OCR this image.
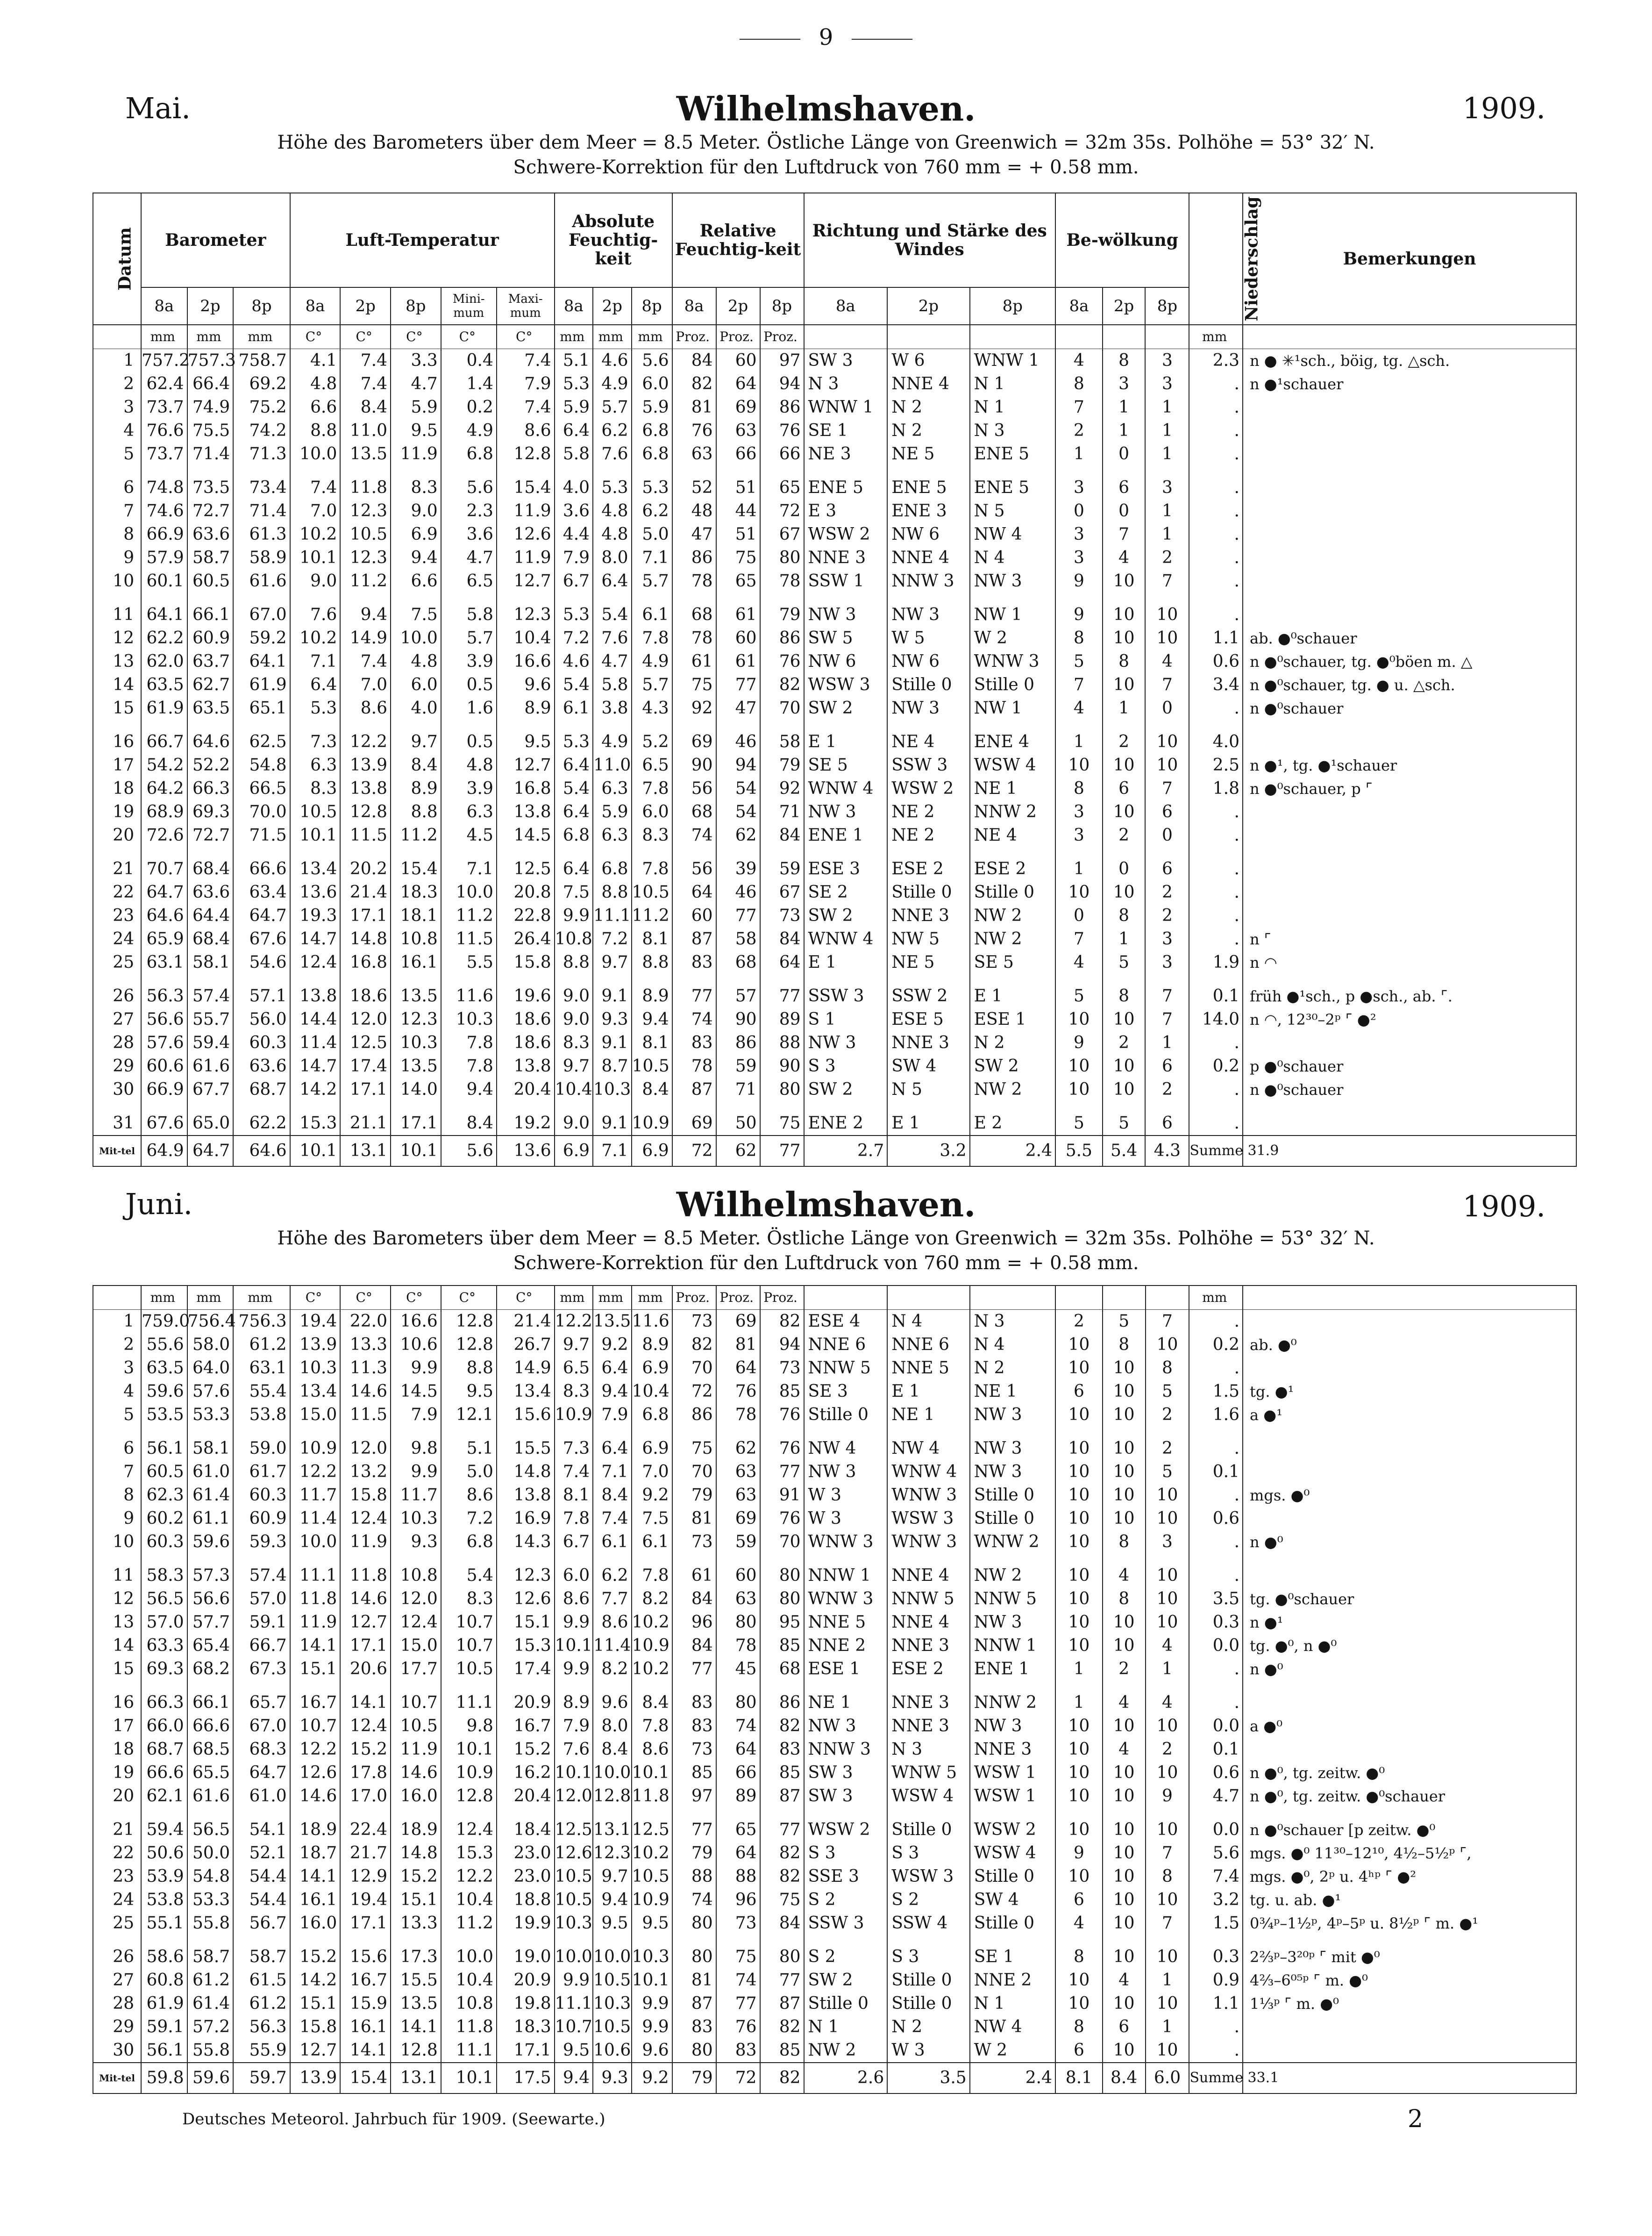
9
Mai.	Wilhelmshaven.	1909.
Höhe des Barometers über dem Meer = 8.5 Meter. Östliche Länge von Greenwich = 32m 35s. Polhöhe = 53° 32′ N.
Schwere-Korrektion für den Luftdruck von 760 mm = + 0.58 mm.
Datum	Barometer			Luft-Temperatur					Absolute Feuchtig-keit			Relative Feuchtig-keit			Richtung und Stärke des Windes			Be-wölkung			Niederschlag	Bemerkungen
	8a	2p	8p	8a	2p	8p	Mini-mum	Maxi-mum	8a	2p	8p	8a	2p	8p	8a	2p	8p	8a	2p	8p		
	mm	mm	mm	C°	C°	C°	C°	C°	mm	mm	mm	Proz.	Proz.	Proz.							mm	
1	757.2	757.3	758.7	4.1	7.4	3.3	0.4	7.4	5.1	4.6	5.6	84	60	97	SW 3	W 6	WNW 1	4	8	3	2.3	n ● ✳¹sch., böig, tg. △sch.
2	62.4	66.4	69.2	4.8	7.4	4.7	1.4	7.9	5.3	4.9	6.0	82	64	94	N 3	NNE 4	N 1	8	3	3	.	n ●¹schauer
3	73.7	74.9	75.2	6.6	8.4	5.9	0.2	7.4	5.9	5.7	5.9	81	69	86	WNW 1	N 2	N 1	7	1	1	.	
4	76.6	75.5	74.2	8.8	11.0	9.5	4.9	8.6	6.4	6.2	6.8	76	63	76	SE 1	N 2	N 3	2	1	1	.	
5	73.7	71.4	71.3	10.0	13.5	11.9	6.8	12.8	5.8	7.6	6.8	63	66	66	NE 3	NE 5	ENE 5	1	0	1	.	

6	74.8	73.5	73.4	7.4	11.8	8.3	5.6	15.4	4.0	5.3	5.3	52	51	65	ENE 5	ENE 5	ENE 5	3	6	3	.	
7	74.6	72.7	71.4	7.0	12.3	9.0	2.3	11.9	3.6	4.8	6.2	48	44	72	E 3	ENE 3	N 5	0	0	1	.	
8	66.9	63.6	61.3	10.2	10.5	6.9	3.6	12.6	4.4	4.8	5.0	47	51	67	WSW 2	NW 6	NW 4	3	7	1	.	
9	57.9	58.7	58.9	10.1	12.3	9.4	4.7	11.9	7.9	8.0	7.1	86	75	80	NNE 3	NNE 4	N 4	3	4	2	.	
10	60.1	60.5	61.6	9.0	11.2	6.6	6.5	12.7	6.7	6.4	5.7	78	65	78	SSW 1	NNW 3	NW 3	9	10	7	.	

11	64.1	66.1	67.0	7.6	9.4	7.5	5.8	12.3	5.3	5.4	6.1	68	61	79	NW 3	NW 3	NW 1	9	10	10	.	
12	62.2	60.9	59.2	10.2	14.9	10.0	5.7	10.4	7.2	7.6	7.8	78	60	86	SW 5	W 5	W 2	8	10	10	1.1	ab. ●⁰schauer
13	62.0	63.7	64.1	7.1	7.4	4.8	3.9	16.6	4.6	4.7	4.9	61	61	76	NW 6	NW 6	WNW 3	5	8	4	0.6	n ●⁰schauer, tg. ●⁰böen m. △
14	63.5	62.7	61.9	6.4	7.0	6.0	0.5	9.6	5.4	5.8	5.7	75	77	82	WSW 3	Stille 0	Stille 0	7	10	7	3.4	n ●⁰schauer, tg. ● u. △sch.
15	61.9	63.5	65.1	5.3	8.6	4.0	1.6	8.9	6.1	3.8	4.3	92	47	70	SW 2	NW 3	NW 1	4	1	0	.	n ●⁰schauer

16	66.7	64.6	62.5	7.3	12.2	9.7	0.5	9.5	5.3	4.9	5.2	69	46	58	E 1	NE 4	ENE 4	1	2	10	4.0	
17	54.2	52.2	54.8	6.3	13.9	8.4	4.8	12.7	6.4	11.0	6.5	90	94	79	SE 5	SSW 3	WSW 4	10	10	10	2.5	n ●¹, tg. ●¹schauer
18	64.2	66.3	66.5	8.3	13.8	8.9	3.9	16.8	5.4	6.3	7.8	56	54	92	WNW 4	WSW 2	NE 1	8	6	7	1.8	n ●⁰schauer, p ⌜
19	68.9	69.3	70.0	10.5	12.8	8.8	6.3	13.8	6.4	5.9	6.0	68	54	71	NW 3	NE 2	NNW 2	3	10	6	.	
20	72.6	72.7	71.5	10.1	11.5	11.2	4.5	14.5	6.8	6.3	8.3	74	62	84	ENE 1	NE 2	NE 4	3	2	0	.	

21	70.7	68.4	66.6	13.4	20.2	15.4	7.1	12.5	6.4	6.8	7.8	56	39	59	ESE 3	ESE 2	ESE 2	1	0	6	.	
22	64.7	63.6	63.4	13.6	21.4	18.3	10.0	20.8	7.5	8.8	10.5	64	46	67	SE 2	Stille 0	Stille 0	10	10	2	.	
23	64.6	64.4	64.7	19.3	17.1	18.1	11.2	22.8	9.9	11.1	11.2	60	77	73	SW 2	NNE 3	NW 2	0	8	2	.	
24	65.9	68.4	67.6	14.7	14.8	10.8	11.5	26.4	10.8	7.2	8.1	87	58	84	WNW 4	NW 5	NW 2	7	1	3	.	n ⌜
25	63.1	58.1	54.6	12.4	16.8	16.1	5.5	15.8	8.8	9.7	8.8	83	68	64	E 1	NE 5	SE 5	4	5	3	1.9	n ◠

26	56.3	57.4	57.1	13.8	18.6	13.5	11.6	19.6	9.0	9.1	8.9	77	57	77	SSW 3	SSW 2	E 1	5	8	7	0.1	früh ●¹sch., p ●sch., ab. ⌜.
27	56.6	55.7	56.0	14.4	12.0	12.3	10.3	18.6	9.0	9.3	9.4	74	90	89	S 1	ESE 5	ESE 1	10	10	7	14.0	n ◠, 12³⁰–2ᵖ ⌜ ●²
28	57.6	59.4	60.3	11.4	12.5	10.3	7.8	18.6	8.3	9.1	8.1	83	86	88	NW 3	NNE 3	N 2	9	2	1	.	
29	60.6	61.6	63.6	14.7	17.4	13.5	7.8	13.8	9.7	8.7	10.5	78	59	90	S 3	SW 4	SW 2	10	10	6	0.2	p ●⁰schauer
30	66.9	67.7	68.7	14.2	17.1	14.0	9.4	20.4	10.4	10.3	8.4	87	71	80	SW 2	N 5	NW 2	10	10	2	.	n ●⁰schauer

31	67.6	65.0	62.2	15.3	21.1	17.1	8.4	19.2	9.0	9.1	10.9	69	50	75	ENE 2	E 1	E 2	5	5	6	.	
Mit-tel	64.9	64.7	64.6	10.1	13.1	10.1	5.6	13.6	6.9	7.1	6.9	72	62	77	2.7	3.2	2.4	5.5	5.4	4.3	Summe 31.9	
Juni.	Wilhelmshaven.	1909.
Höhe des Barometers über dem Meer = 8.5 Meter. Östliche Länge von Greenwich = 32m 35s. Polhöhe = 53° 32′ N.
Schwere-Korrektion für den Luftdruck von 760 mm = + 0.58 mm.
	mm	mm	mm	C°	C°	C°	C°	C°	mm	mm	mm	Proz.	Proz.	Proz.							mm	
1	759.0	756.4	756.3	19.4	22.0	16.6	12.8	21.4	12.2	13.5	11.6	73	69	82	ESE 4	N 4	N 3	2	5	7	.	
2	55.6	58.0	61.2	13.9	13.3	10.6	12.8	26.7	9.7	9.2	8.9	82	81	94	NNE 6	NNE 6	N 4	10	8	10	0.2	ab. ●⁰
3	63.5	64.0	63.1	10.3	11.3	9.9	8.8	14.9	6.5	6.4	6.9	70	64	73	NNW 5	NNE 5	N 2	10	10	8	.	
4	59.6	57.6	55.4	13.4	14.6	14.5	9.5	13.4	8.3	9.4	10.4	72	76	85	SE 3	E 1	NE 1	6	10	5	1.5	tg. ●¹
5	53.5	53.3	53.8	15.0	11.5	7.9	12.1	15.6	10.9	7.9	6.8	86	78	76	Stille 0	NE 1	NW 3	10	10	2	1.6	a ●¹

6	56.1	58.1	59.0	10.9	12.0	9.8	5.1	15.5	7.3	6.4	6.9	75	62	76	NW 4	NW 4	NW 3	10	10	2	.	
7	60.5	61.0	61.7	12.2	13.2	9.9	5.0	14.8	7.4	7.1	7.0	70	63	77	NW 3	WNW 4	NW 3	10	10	5	0.1	
8	62.3	61.4	60.3	11.7	15.8	11.7	8.6	13.8	8.1	8.4	9.2	79	63	91	W 3	WNW 3	Stille 0	10	10	10	.	mgs. ●⁰
9	60.2	61.1	60.9	11.4	12.4	10.3	7.2	16.9	7.8	7.4	7.5	81	69	76	W 3	WSW 3	Stille 0	10	10	10	0.6	
10	60.3	59.6	59.3	10.0	11.9	9.3	6.8	14.3	6.7	6.1	6.1	73	59	70	WNW 3	WNW 3	WNW 2	10	8	3	.	n ●⁰

11	58.3	57.3	57.4	11.1	11.8	10.8	5.4	12.3	6.0	6.2	7.8	61	60	80	NNW 1	NNE 4	NW 2	10	4	10	.	
12	56.5	56.6	57.0	11.8	14.6	12.0	8.3	12.6	8.6	7.7	8.2	84	63	80	WNW 3	NNW 5	NNW 5	10	8	10	3.5	tg. ●⁰schauer
13	57.0	57.7	59.1	11.9	12.7	12.4	10.7	15.1	9.9	8.6	10.2	96	80	95	NNE 5	NNE 4	NW 3	10	10	10	0.3	n ●¹
14	63.3	65.4	66.7	14.1	17.1	15.0	10.7	15.3	10.1	11.4	10.9	84	78	85	NNE 2	NNE 3	NNW 1	10	10	4	0.0	tg. ●⁰, n ●⁰
15	69.3	68.2	67.3	15.1	20.6	17.7	10.5	17.4	9.9	8.2	10.2	77	45	68	ESE 1	ESE 2	ENE 1	1	2	1	.	n ●⁰

16	66.3	66.1	65.7	16.7	14.1	10.7	11.1	20.9	8.9	9.6	8.4	83	80	86	NE 1	NNE 3	NNW 2	1	4	4	.	
17	66.0	66.6	67.0	10.7	12.4	10.5	9.8	16.7	7.9	8.0	7.8	83	74	82	NW 3	NNE 3	NW 3	10	10	10	0.0	a ●⁰
18	68.7	68.5	68.3	12.2	15.2	11.9	10.1	15.2	7.6	8.4	8.6	73	64	83	NNW 3	N 3	NNE 3	10	4	2	0.1	
19	66.6	65.5	64.7	12.6	17.8	14.6	10.9	16.2	10.1	10.0	10.1	85	66	85	SW 3	WNW 5	WSW 1	10	10	10	0.6	n ●⁰, tg. zeitw. ●⁰
20	62.1	61.6	61.0	14.6	17.0	16.0	12.8	20.4	12.0	12.8	11.8	97	89	87	SW 3	WSW 4	WSW 1	10	10	9	4.7	n ●⁰, tg. zeitw. ●⁰schauer

21	59.4	56.5	54.1	18.9	22.4	18.9	12.4	18.4	12.5	13.1	12.5	77	65	77	WSW 2	Stille 0	WSW 2	10	10	10	0.0	n ●⁰schauer [p zeitw. ●⁰
22	50.6	50.0	52.1	18.7	21.7	14.8	15.3	23.0	12.6	12.3	10.2	79	64	82	S 3	S 3	WSW 4	9	10	7	5.6	mgs. ●⁰ 11³⁰–12¹⁰, 4½–5½ᵖ ⌜,
23	53.9	54.8	54.4	14.1	12.9	15.2	12.2	23.0	10.5	9.7	10.5	88	88	82	SSE 3	WSW 3	Stille 0	10	10	8	7.4	mgs. ●⁰, 2ᵖ u. 4ʰᵖ ⌜ ●²
24	53.8	53.3	54.4	16.1	19.4	15.1	10.4	18.8	10.5	9.4	10.9	74	96	75	S 2	S 2	SW 4	6	10	10	3.2	tg. u. ab. ●¹
25	55.1	55.8	56.7	16.0	17.1	13.3	11.2	19.9	10.3	9.5	9.5	80	73	84	SSW 3	SSW 4	Stille 0	4	10	7	1.5	0¾ᵖ–1½ᵖ, 4ᵖ–5ᵖ u. 8½ᵖ ⌜ m. ●¹

26	58.6	58.7	58.7	15.2	15.6	17.3	10.0	19.0	10.0	10.0	10.3	80	75	80	S 2	S 3	SE 1	8	10	10	0.3	2⅔ᵖ–3²⁰ᵖ ⌜ mit ●⁰
27	60.8	61.2	61.5	14.2	16.7	15.5	10.4	20.9	9.9	10.5	10.1	81	74	77	SW 2	Stille 0	NNE 2	10	4	1	0.9	4⅔–6⁰⁵ᵖ ⌜ m. ●⁰
28	61.9	61.4	61.2	15.1	15.9	13.5	10.8	19.8	11.1	10.3	9.9	87	77	87	Stille 0	Stille 0	N 1	10	10	10	1.1	1⅓ᵖ ⌜ m. ●⁰
29	59.1	57.2	56.3	15.8	16.1	14.1	11.8	18.3	10.7	10.5	9.9	83	76	82	N 1	N 2	NW 4	8	6	1	.	
30	56.1	55.8	55.9	12.7	14.1	12.8	11.1	17.1	9.5	10.6	9.6	80	83	85	NW 2	W 3	W 2	6	10	10	.	
Mit-tel	59.8	59.6	59.7	13.9	15.4	13.1	10.1	17.5	9.4	9.3	9.2	79	72	82	2.6	3.5	2.4	8.1	8.4	6.0	Summe 33.1	
Deutsches Meteorol. Jahrbuch für 1909. (Seewarte.)	2
